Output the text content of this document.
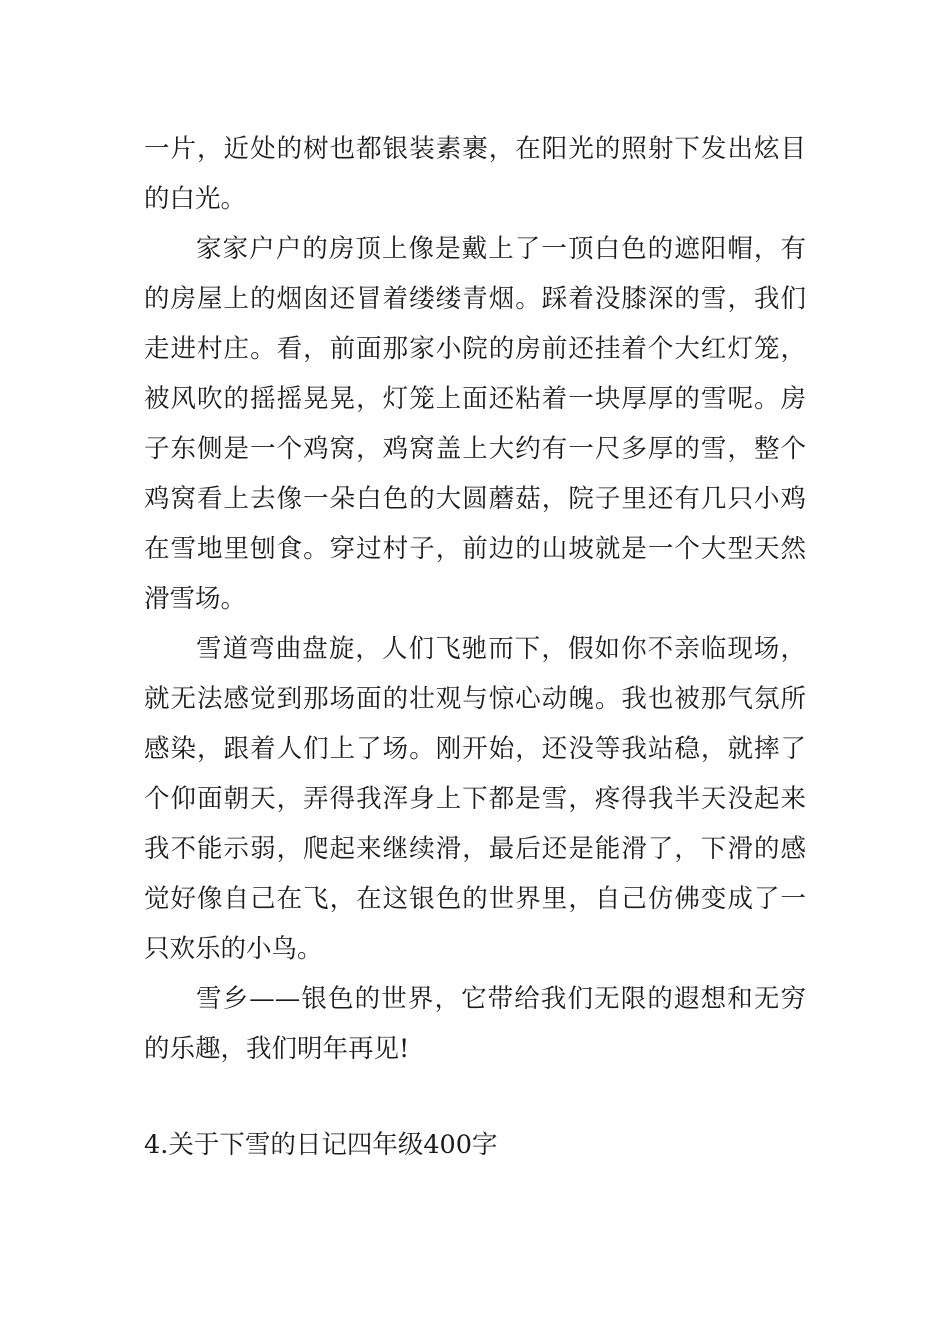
一片，近处的树也都银装素裹，在阳光的照射下发出炫目
的白光。
家家户户的房顶上像是戴上了一顶白色的遮阳帽，有
的房屋上的烟囱还冒着缕缕青烟。踩着没膝深的雪，我们
走进村庄。看，前面那家小院的房前还挂着个大红灯笼，
被风吹的摇摇晃晃，灯笼上面还粘着一块厚厚的雪呢。房
子东侧是一个鸡窝，鸡窝盖上大约有一尺多厚的雪，整个
鸡窝看上去像一朵白色的大圆蘑菇，院子里还有几只小鸡
在雪地里刨食。穿过村子，前边的山坡就是一个大型天然
滑雪场。
雪道弯曲盘旋，人们飞驰而下，假如你不亲临现场，
就无法感觉到那场面的壮观与惊心动魄。我也被那气氛所
感染，跟着人们上了场。刚开始，还没等我站稳，就摔了
个仰面朝天，弄得我浑身上下都是雪，疼得我半天没起来
我不能示弱，爬起来继续滑，最后还是能滑了，下滑的感
觉好像自己在飞，在这银色的世界里，自己仿佛变成了一
只欢乐的小鸟。
雪乡——银色的世界，它带给我们无限的遐想和无穷
的乐趣，我们明年再见!
4.关于下雪的日记四年级400字
